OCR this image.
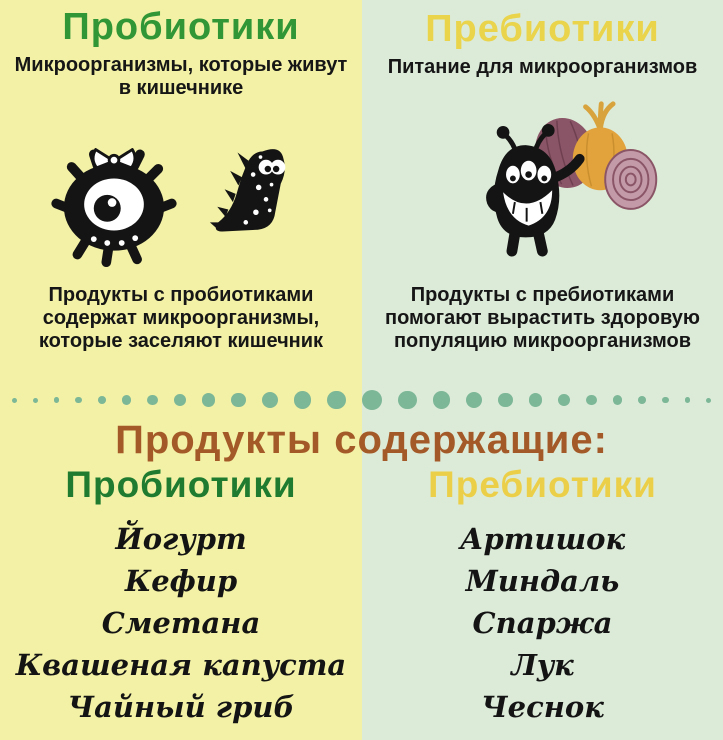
Пробиотики
Микроорганизмы, которые живут в кишечнике
Пребиотики
Питание для микроорганизмов

Продукты с пробиотиками содержат микроорганизмы, которые заселяют кишечник

Продукты с пребиотиками помогают вырастить здоровую популяцию микроорганизмов

Продукты содержащие:
Пробиотики	Пребиотики
Йогурт
Кефир
Сметана
Квашеная капуста
Чайный гриб
Артишок
Миндаль
Спаржа
Лук
Чеснок
